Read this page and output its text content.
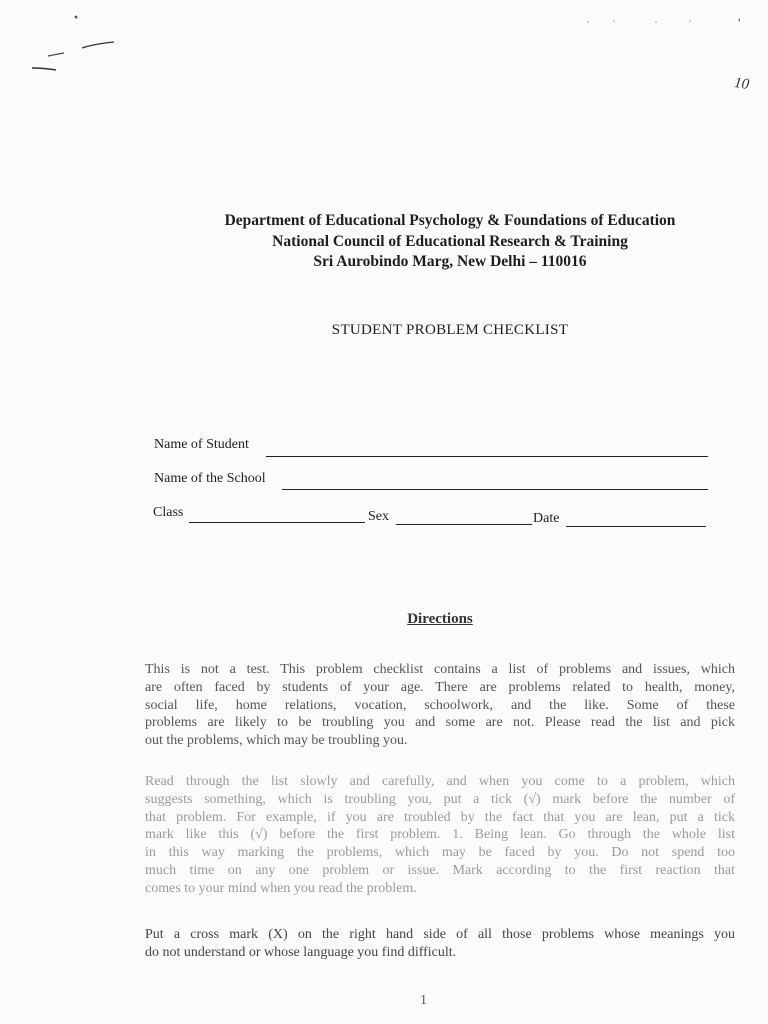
10
Department of Educational Psychology & Foundations of Education
National Council of Educational Research & Training
Sri Aurobindo Marg, New Delhi – 110016
STUDENT PROBLEM CHECKLIST
Name of Student
Name of the School
Class	Sex	Date
Directions
This is not a test. This problem checklist contains a list of problems and issues, which
are often faced by students of your age. There are problems related to health, money,
social life, home relations, vocation, schoolwork, and the like. Some of these
problems are likely to be troubling you and some are not. Please read the list and pick
out the problems, which may be troubling you.
Read through the list slowly and carefully, and when you come to a problem, which
suggests something, which is troubling you, put a tick (√) mark before the number of
that problem. For example, if you are troubled by the fact that you are lean, put a tick
mark like this (√) before the first problem. 1. Being lean. Go through the whole list
in this way marking the problems, which may be faced by you. Do not spend too
much time on any one problem or issue. Mark according to the first reaction that
comes to your mind when you read the problem.
Put a cross mark (X) on the right hand side of all those problems whose meanings you
do not understand or whose language you find difficult.
1
